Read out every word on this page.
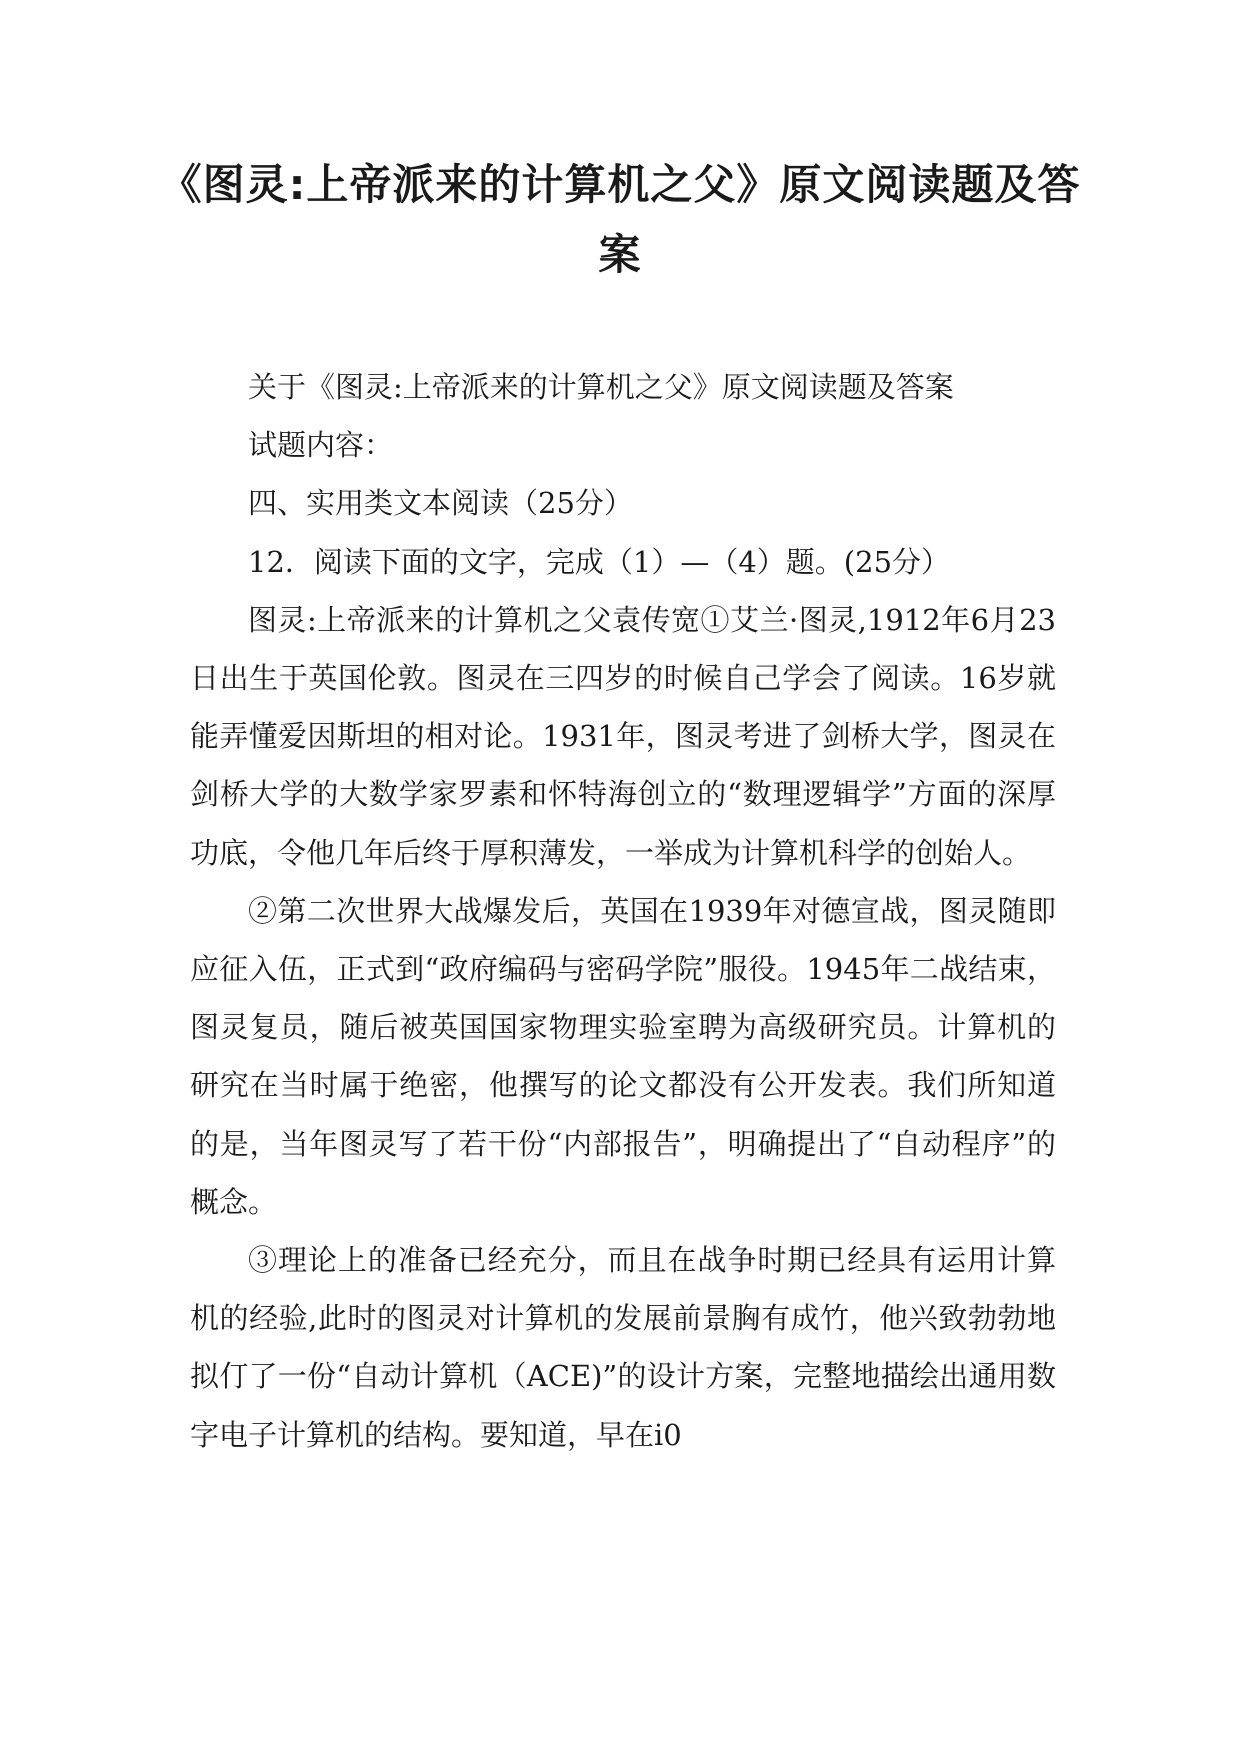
《图灵:上帝派来的计算机之父》原文阅读题及答案

关于《图灵:上帝派来的计算机之父》原文阅读题及答案

试题内容：

四、实用类文本阅读（25分）

12．阅读下面的文字，完成（1）—（4）题。(25分）

图灵:上帝派来的计算机之父袁传宽①艾兰·图灵,1912年6月23日出生于英国伦敦。图灵在三四岁的时候自己学会了阅读。16岁就能弄懂爱因斯坦的相对论。1931年，图灵考进了剑桥大学，图灵在剑桥大学的大数学家罗素和怀特海创立的“数理逻辑学”方面的深厚功底，令他几年后终于厚积薄发，一举成为计算机科学的创始人。

②第二次世界大战爆发后，英国在1939年对德宣战，图灵随即应征入伍，正式到“政府编码与密码学院”服役。1945年二战结束，图灵复员，随后被英国国家物理实验室聘为高级研究员。计算机的研究在当时属于绝密，他撰写的论文都没有公开发表。我们所知道的是，当年图灵写了若干份“内部报告”，明确提出了“自动程序”的概念。

③理论上的准备已经充分，而且在战争时期已经具有运用计算机的经验,此时的图灵对计算机的发展前景胸有成竹，他兴致勃勃地拟仃了一份“自动计算机（ACE)”的设计方案，完整地描绘出通用数字电子计算机的结构。要知道，早在i0
